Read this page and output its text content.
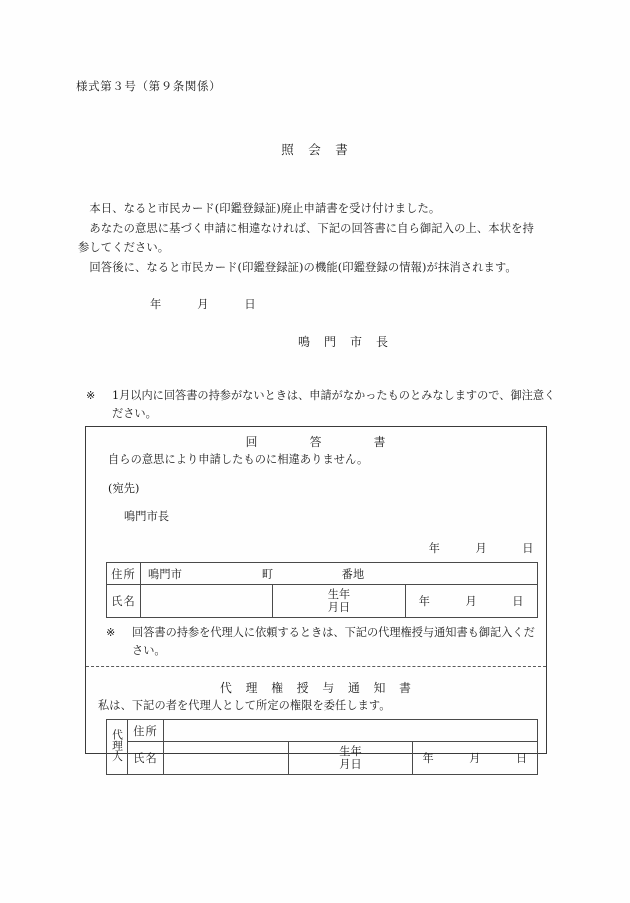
様式第３号（第９条関係）
照　会　書
　本日、なると市民カード(印鑑登録証)廃止申請書を受け付けました。
　あなたの意思に基づく申請に相違なければ、下記の回答書に自ら御記入の上、本状を持
参してください。
　回答後に、なると市民カード(印鑑登録証)の機能(印鑑登録の情報)が抹消されます。
年　　　月　　　日
鳴　門　市　長
※	1月以内に回答書の持参がないときは、申請がなかったものとみなしますので、御注意ください。
回　　　　答　　　　書
自らの意思により申請したものに相違ありません。
(宛先)
鳴門市長
年　　　月　　　日
住所	鳴門市　　　　　　　町　　　　　　番地		
氏名		生年
月日	年　　　月　　　日
※	回答書の持参を代理人に依頼するときは、下記の代理権授与通知書も御記入ください。
代　理　権　授　与　通　知　書
私は、下記の者を代理人として所定の権限を委任します。
代理人	住所			
	氏名		生年
月日	年　　　月　　　日
